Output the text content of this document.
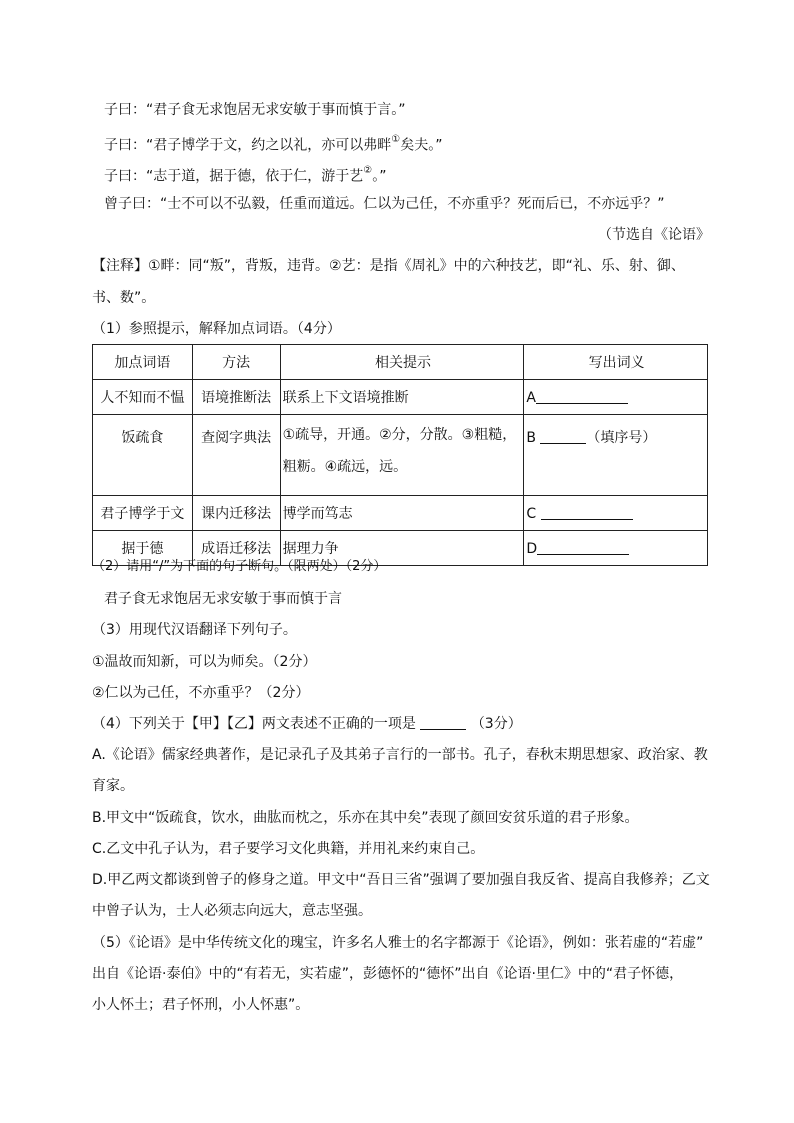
子曰：“君子食无求饱居无求安敏于事而慎于言。”
子曰：“君子博学于文，约之以礼，亦可以弗畔①矣夫。”
子曰：“志于道，据于德，依于仁，游于艺②。”
曾子曰：“士不可以不弘毅，任重而道远。仁以为己任，不亦重乎？死而后已，不亦远乎？”
（节选自《论语》
【注释】①畔：同“叛”，背叛，违背。②艺：是指《周礼》中的六种技艺，即“礼、乐、射、御、
书、数”。
（1）参照提示，解释加点词语。（4分）
加点词语	方法	相关提示	写出词义
人不知而不愠	语境推断法	联系上下文语境推断	A
饭疏食	查阅字典法	①疏导，开通。②分，分散。③粗糙，粗粝。④疏远，远。	B （填序号）
君子博学于文	课内迁移法	博学而笃志	C
据于德	成语迁移法	据理力争	D
（2）请用“/”为下面的句子断句。（限两处）（2分）
君子食无求饱居无求安敏于事而慎于言
（3）用现代汉语翻译下列句子。
①温故而知新，可以为师矣。（2分）
②仁以为己任，不亦重乎？（2分）
（4）下列关于【甲】【乙】两文表述不正确的一项是	（3分）
A.《论语》儒家经典著作，是记录孔子及其弟子言行的一部书。孔子，春秋末期思想家、政治家、教
育家。
B.甲文中“饭疏食，饮水，曲肱而枕之，乐亦在其中矣”表现了颜回安贫乐道的君子形象。
C.乙文中孔子认为，君子要学习文化典籍，并用礼来约束自己。
D.甲乙两文都谈到曾子的修身之道。甲文中“吾日三省”强调了要加强自我反省、提高自我修养；乙文
中曾子认为，士人必须志向远大，意志坚强。
（5）《论语》是中华传统文化的瑰宝，许多名人雅士的名字都源于《论语》，例如：张若虚的“若虚”
出自《论语·泰伯》中的“有若无，实若虚”，彭德怀的“德怀”出自《论语·里仁》中的“君子怀德，
小人怀土；君子怀刑，小人怀惠”。
